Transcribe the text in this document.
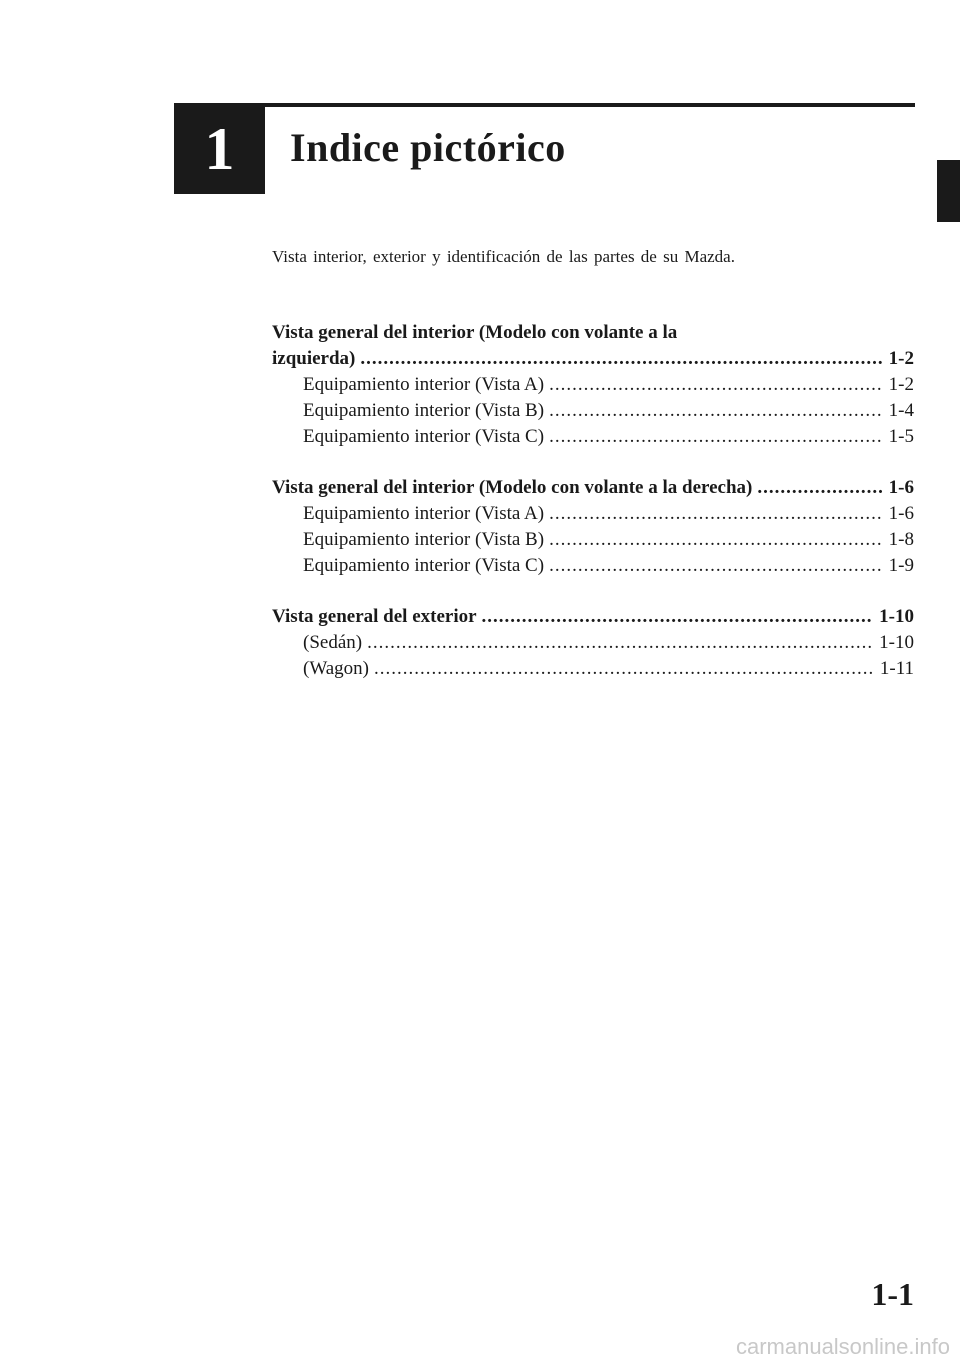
1 Indice pictórico
Vista interior, exterior y identificación de las partes de su Mazda.
Vista general del interior (Modelo con volante a la
izquierda) .....	1-2
Equipamiento interior (Vista A) .....	1-2
Equipamiento interior (Vista B) .....	1-4
Equipamiento interior (Vista C) .....	1-5
Vista general del interior (Modelo con volante a la derecha) .....	1-6
Equipamiento interior (Vista A) .....	1-6
Equipamiento interior (Vista B) .....	1-8
Equipamiento interior (Vista C) .....	1-9
Vista general del exterior .....	1-10
(Sedán) .....	1-10
(Wagon) .....	1-11
1-1
carmanualsonline.info
